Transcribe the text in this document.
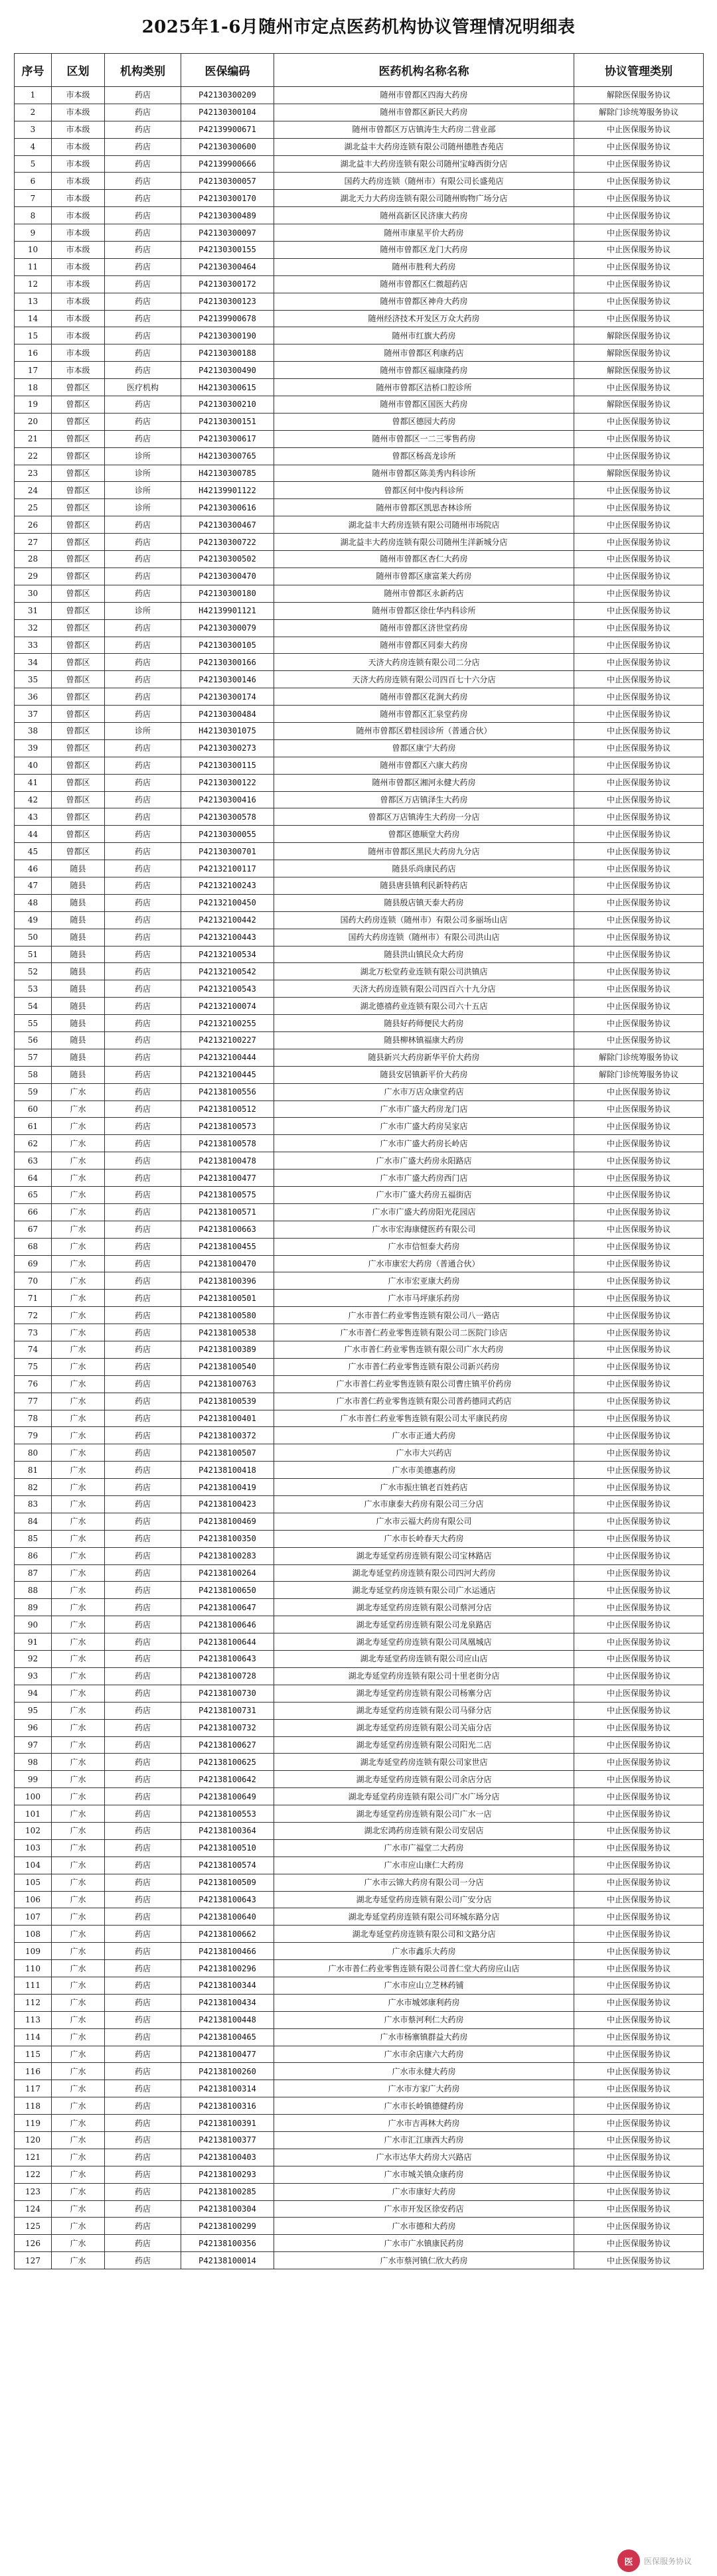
2025年1-6月随州市定点医药机构协议管理情况明细表
序号	区划	机构类别	医保编码	医药机构名称名称	协议管理类别
1	市本级	药店	P42130300209	随州市曾都区四海大药房	解除医保服务协议
2	市本级	药店	P42130300104	随州市曾都区新民大药房	解除门诊统筹服务协议
3	市本级	药店	P42139900671	随州市曾都区万店镇涛生大药房二营业部	中止医保服务协议
4	市本级	药店	P42130300600	湖北益丰大药房连锁有限公司随州德胜杏苑店	中止医保服务协议
5	市本级	药店	P42139900666	湖北益丰大药房连锁有限公司随州宝峰西街分店	中止医保服务协议
6	市本级	药店	P42130300057	国药大药房连锁（随州市）有限公司长盛苑店	中止医保服务协议
7	市本级	药店	P42130300170	湖北天力大药房连锁有限公司随州购物广场分店	中止医保服务协议
8	市本级	药店	P42130300489	随州高新区民济康大药房	中止医保服务协议
9	市本级	药店	P42130300097	随州市康星平价大药房	中止医保服务协议
10	市本级	药店	P42130300155	随州市曾都区龙门大药房	中止医保服务协议
11	市本级	药店	P42130300464	随州市胜利大药房	中止医保服务协议
12	市本级	药店	P42130300172	随州市曾都区仁微超药店	中止医保服务协议
13	市本级	药店	P42130300123	随州市曾都区神舟大药房	中止医保服务协议
14	市本级	药店	P42139900678	随州经济技术开发区万众大药房	中止医保服务协议
15	市本级	药店	P42130300190	随州市红旗大药房	解除医保服务协议
16	市本级	药店	P42130300188	随州市曾都区利康药店	解除医保服务协议
17	市本级	药店	P42130300490	随州市曾都区福康隆药房	解除医保服务协议
18	曾都区	医疗机构	H42130300615	随州市曾都区洁桥口腔诊所	中止医保服务协议
19	曾都区	药店	P42130300210	随州市曾都区国医大药房	解除医保服务协议
20	曾都区	药店	P42130300151	曾都区德园大药房	中止医保服务协议
21	曾都区	药店	P42130300617	随州市曾都区一二三零售药房	中止医保服务协议
22	曾都区	诊所	H42130300765	曾都区杨高龙诊所	中止医保服务协议
23	曾都区	诊所	H42130300785	随州市曾都区陈美秀内科诊所	解除医保服务协议
24	曾都区	诊所	H42139901122	曾都区何中俊内科诊所	中止医保服务协议
25	曾都区	诊所	P42130300616	随州市曾都区凯思杏林诊所	中止医保服务协议
26	曾都区	药店	P42130300467	湖北益丰大药房连锁有限公司随州市场院店	中止医保服务协议
27	曾都区	药店	P42130300722	湖北益丰大药房连锁有限公司随州生洋新城分店	中止医保服务协议
28	曾都区	药店	P42130300502	随州市曾都区杏仁大药房	中止医保服务协议
29	曾都区	药店	P42130300470	随州市曾都区康富莱大药房	中止医保服务协议
30	曾都区	药店	P42130300180	随州市曾都区永新药店	中止医保服务协议
31	曾都区	诊所	H42139901121	随州市曾都区徐仕华内科诊所	中止医保服务协议
32	曾都区	药店	P42130300079	随州市曾都区济世堂药房	中止医保服务协议
33	曾都区	药店	P42130300105	随州市曾都区同泰大药房	中止医保服务协议
34	曾都区	药店	P42130300166	天济大药房连锁有限公司二分店	中止医保服务协议
35	曾都区	药店	P42130300146	天济大药房连锁有限公司四百七十六分店	中止医保服务协议
36	曾都区	药店	P42130300174	随州市曾都区花涧大药房	中止医保服务协议
37	曾都区	药店	P42130300484	随州市曾都区汇泉堂药房	中止医保服务协议
38	曾都区	诊所	H42130301075	随州市曾都区碧桂园诊所（普通合伙）	中止医保服务协议
39	曾都区	药店	P42130300273	曾都区康宁大药房	中止医保服务协议
40	曾都区	药店	P42130300115	随州市曾都区六康大药房	中止医保服务协议
41	曾都区	药店	P42130300122	随州市曾都区湘河永健大药房	中止医保服务协议
42	曾都区	药店	P42130300416	曾都区万店镇泽生大药房	中止医保服务协议
43	曾都区	药店	P42130300578	曾都区万店镇涛生大药房一分店	中止医保服务协议
44	曾都区	药店	P42130300055	曾都区德顺堂大药房	中止医保服务协议
45	曾都区	药店	P42130300701	随州市曾都区黑民大药房九分店	中止医保服务协议
46	随县	药店	P42132100117	随县乐尚康民药店	中止医保服务协议
47	随县	药店	P42132100243	随县唐县镇利民新特药店	中止医保服务协议
48	随县	药店	P42132100450	随县殷店镇天泰大药房	中止医保服务协议
49	随县	药店	P42132100442	国药大药房连锁（随州市）有限公司多丽场山店	中止医保服务协议
50	随县	药店	P42132100443	国药大药房连锁（随州市）有限公司洪山店	中止医保服务协议
51	随县	药店	P42132100534	随县洪山镇民众大药房	中止医保服务协议
52	随县	药店	P42132100542	湖北万松堂药业连锁有限公司洪镇店	中止医保服务协议
53	随县	药店	P42132100543	天济大药房连锁有限公司四百六十九分店	中止医保服务协议
54	随县	药店	P42132100074	湖北德禧药业连锁有限公司六十五店	中止医保服务协议
55	随县	药店	P42132100255	随县好药师便民大药房	中止医保服务协议
56	随县	药店	P42132100227	随县柳林镇福康大药房	中止医保服务协议
57	随县	药店	P42132100444	随县新兴大药房新华平价大药房	解除门诊统筹服务协议
58	随县	药店	P42132100445	随县安居镇新平价大药房	解除门诊统筹服务协议
59	广水	药店	P42138100556	广水市万店众康堂药店	中止医保服务协议
60	广水	药店	P42138100512	广水市广盛大药房龙门店	中止医保服务协议
61	广水	药店	P42138100573	广水市广盛大药房吴家店	中止医保服务协议
62	广水	药店	P42138100578	广水市广盛大药房长岭店	中止医保服务协议
63	广水	药店	P42138100478	广水市广盛大药房永阳路店	中止医保服务协议
64	广水	药店	P42138100477	广水市广盛大药房西门店	中止医保服务协议
65	广水	药店	P42138100575	广水市广盛大药房五福街店	中止医保服务协议
66	广水	药店	P42138100571	广水市广盛大药房阳光花园店	中止医保服务协议
67	广水	药店	P42138100663	广水市宏海康健医药有限公司	中止医保服务协议
68	广水	药店	P42138100455	广水市信恒泰大药房	中止医保服务协议
69	广水	药店	P42138100470	广水市康宏大药房（普通合伙）	中止医保服务协议
70	广水	药店	P42138100396	广水市宏亚康大药房	中止医保服务协议
71	广水	药店	P42138100501	广水市马坪康乐药房	中止医保服务协议
72	广水	药店	P42138100580	广水市普仁药业零售连锁有限公司八一路店	中止医保服务协议
73	广水	药店	P42138100538	广水市普仁药业零售连锁有限公司二医院门诊店	中止医保服务协议
74	广水	药店	P42138100389	广水市普仁药业零售连锁有限公司广水大药房	中止医保服务协议
75	广水	药店	P42138100540	广水市普仁药业零售连锁有限公司新兴药房	中止医保服务协议
76	广水	药店	P42138100763	广水市普仁药业零售连锁有限公司曹庄镇平价药房	中止医保服务协议
77	广水	药店	P42138100539	广水市普仁药业零售连锁有限公司普药德同式药店	中止医保服务协议
78	广水	药店	P42138100401	广水市普仁药业零售连锁有限公司太平康民药房	中止医保服务协议
79	广水	药店	P42138100372	广水市正通大药房	中止医保服务协议
80	广水	药店	P42138100507	广水市大兴药店	中止医保服务协议
81	广水	药店	P42138100418	广水市美德惠药房	中止医保服务协议
82	广水	药店	P42138100419	广水市振庄镇老百姓药店	中止医保服务协议
83	广水	药店	P42138100423	广水市康泰大药房有限公司三分店	中止医保服务协议
84	广水	药店	P42138100469	广水市云福大药房有限公司	中止医保服务协议
85	广水	药店	P42138100350	广水市长岭春天大药房	中止医保服务协议
86	广水	药店	P42138100283	湖北寿延堂药房连锁有限公司宝林路店	中止医保服务协议
87	广水	药店	P42138100264	湖北寿延堂药房连锁有限公司四河大药房	中止医保服务协议
88	广水	药店	P42138100650	湖北寿延堂药房连锁有限公司广水运通店	中止医保服务协议
89	广水	药店	P42138100647	湖北寿延堂药房连锁有限公司蔡河分店	中止医保服务协议
90	广水	药店	P42138100646	湖北寿延堂药房连锁有限公司龙泉路店	中止医保服务协议
91	广水	药店	P42138100644	湖北寿延堂药房连锁有限公司凤凰城店	中止医保服务协议
92	广水	药店	P42138100643	湖北寿延堂药房连锁有限公司应山店	中止医保服务协议
93	广水	药店	P42138100728	湖北寿延堂药房连锁有限公司十里老街分店	中止医保服务协议
94	广水	药店	P42138100730	湖北寿延堂药房连锁有限公司杨寨分店	中止医保服务协议
95	广水	药店	P42138100731	湖北寿延堂药房连锁有限公司马驿分店	中止医保服务协议
96	广水	药店	P42138100732	湖北寿延堂药房连锁有限公司关庙分店	中止医保服务协议
97	广水	药店	P42138100627	湖北寿延堂药房连锁有限公司阳光二店	中止医保服务协议
98	广水	药店	P42138100625	湖北寿延堂药房连锁有限公司家世店	中止医保服务协议
99	广水	药店	P42138100642	湖北寿延堂药房连锁有限公司余店分店	中止医保服务协议
100	广水	药店	P42138100649	湖北寿延堂药房连锁有限公司广水广场分店	中止医保服务协议
101	广水	药店	P42138100553	湖北寿延堂药房连锁有限公司广水一店	中止医保服务协议
102	广水	药店	P42138100364	湖北宏鸿药房连锁有限公司安居店	中止医保服务协议
103	广水	药店	P42138100510	广水市广福堂二大药房	中止医保服务协议
104	广水	药店	P42138100574	广水市应山康仁大药房	中止医保服务协议
105	广水	药店	P42138100509	广水市云锦大药房有限公司一分店	中止医保服务协议
106	广水	药店	P42138100643	湖北寿延堂药房连锁有限公司广安分店	中止医保服务协议
107	广水	药店	P42138100640	湖北寿延堂药房连锁有限公司环城东路分店	中止医保服务协议
108	广水	药店	P42138100662	湖北寿延堂药房连锁有限公司和文路分店	中止医保服务协议
109	广水	药店	P42138100466	广水市鑫乐大药房	中止医保服务协议
110	广水	药店	P42138100296	广水市普仁药业零售连锁有限公司普仁堂大药房应山店	中止医保服务协议
111	广水	药店	P42138100344	广水市应山立芝林药铺	中止医保服务协议
112	广水	药店	P42138100434	广水市城郊康利药房	中止医保服务协议
113	广水	药店	P42138100448	广水市蔡河利仁大药房	中止医保服务协议
114	广水	药店	P42138100465	广水市杨寨镇群益大药房	中止医保服务协议
115	广水	药店	P42138100477	广水市余店康六大药房	中止医保服务协议
116	广水	药店	P42138100260	广水市永健大药房	中止医保服务协议
117	广水	药店	P42138100314	广水市方家广大药房	中止医保服务协议
118	广水	药店	P42138100316	广水市长岭镇德健药房	中止医保服务协议
119	广水	药店	P42138100391	广水市吉再林大药房	中止医保服务协议
120	广水	药店	P42138100377	广水市汇江康西大药房	中止医保服务协议
121	广水	药店	P42138100403	广水市达华大药房大兴路店	中止医保服务协议
122	广水	药店	P42138100293	广水市城关镇众康药房	中止医保服务协议
123	广水	药店	P42138100285	广水市康好大药房	中止医保服务协议
124	广水	药店	P42138100304	广水市开发区徐安药店	中止医保服务协议
125	广水	药店	P42138100299	广水市德和大药房	中止医保服务协议
126	广水	药店	P42138100356	广水市广水镇康民药房	中止医保服务协议
127	广水	药店	P42138100014	广水市蔡河镇仁欣大药房	中止医保服务协议
医	医保服务协议
